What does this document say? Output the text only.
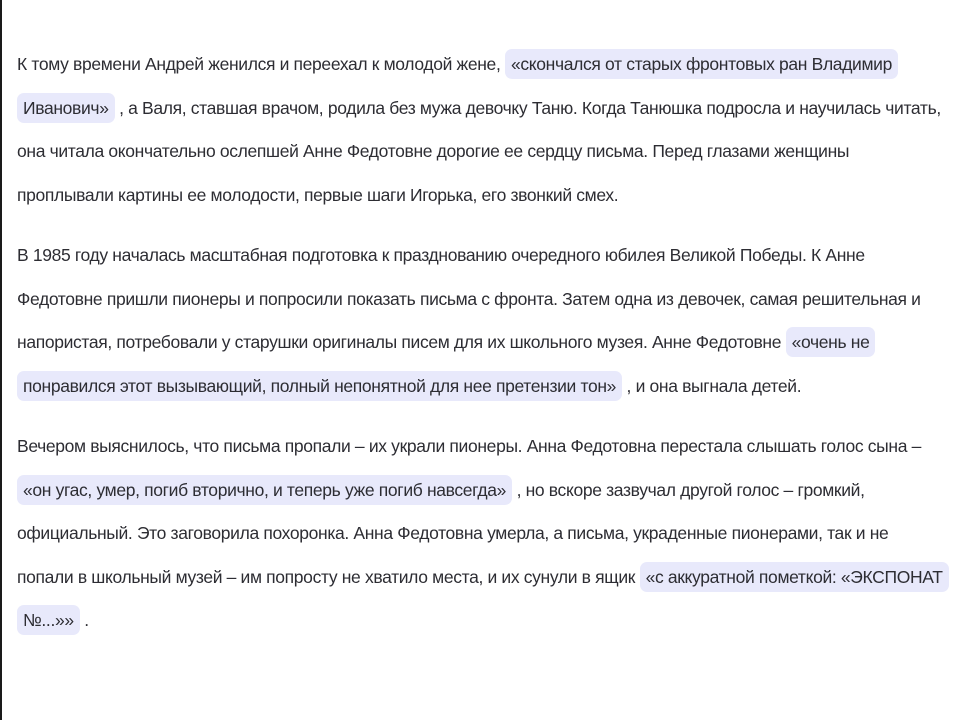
К тому времени Андрей женился и переехал к молодой жене, «скончался от старых фронтовых ран Владимир Иванович» , а Валя, ставшая врачом, родила без мужа девочку Таню. Когда Танюшка подросла и научилась читать, она читала окончательно ослепшей Анне Федотовне дорогие ее сердцу письма. Перед глазами женщины проплывали картины ее молодости, первые шаги Игорька, его звонкий смех.

В 1985 году началась масштабная подготовка к празднованию очередного юбилея Великой Победы. К Анне Федотовне пришли пионеры и попросили показать письма с фронта. Затем одна из девочек, самая решительная и напористая, потребовали у старушки оригиналы писем для их школьного музея. Анне Федотовне «очень не понравился этот вызывающий, полный непонятной для нее претензии тон» , и она выгнала детей.

Вечером выяснилось, что письма пропали – их украли пионеры. Анна Федотовна перестала слышать голос сына – «он угас, умер, погиб вторично, и теперь уже погиб навсегда» , но вскоре зазвучал другой голос – громкий, официальный. Это заговорила похоронка. Анна Федотовна умерла, а письма, украденные пионерами, так и не попали в школьный музей – им попросту не хватило места, и их сунули в ящик «с аккуратной пометкой: «ЭКСПОНАТ №...»» .
